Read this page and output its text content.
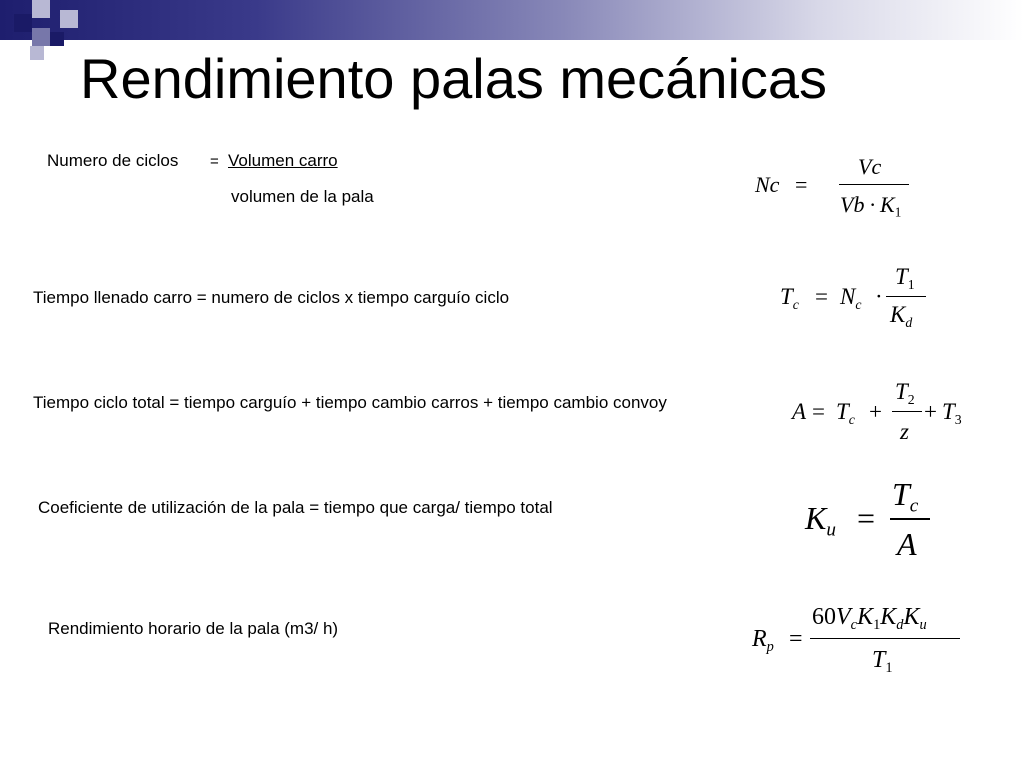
Rendimiento palas mecánicas
Numero de ciclos = Volumen carro
volumen de la pala	Nc =
Vc
$Vb \cdot K_1$
Tiempo llenado carro = numero de ciclos x tiempo carguío ciclo	$T_c = N_c$ ·
$T_1$
$K_d$
Tiempo ciclo total = tiempo carguío + tiempo cambio carros + tiempo cambio convoy	$A = T_c$ +
$T_2$
z
+ $T_3$
Coeficiente de utilización de la pala = tiempo que carga/ tiempo total	$K_u$ =
$T_c$
A
Rendimiento horario de la pala (m3/ h)	$R_p$ =
$60V_cK_1K_dK_u$
$T_1$
